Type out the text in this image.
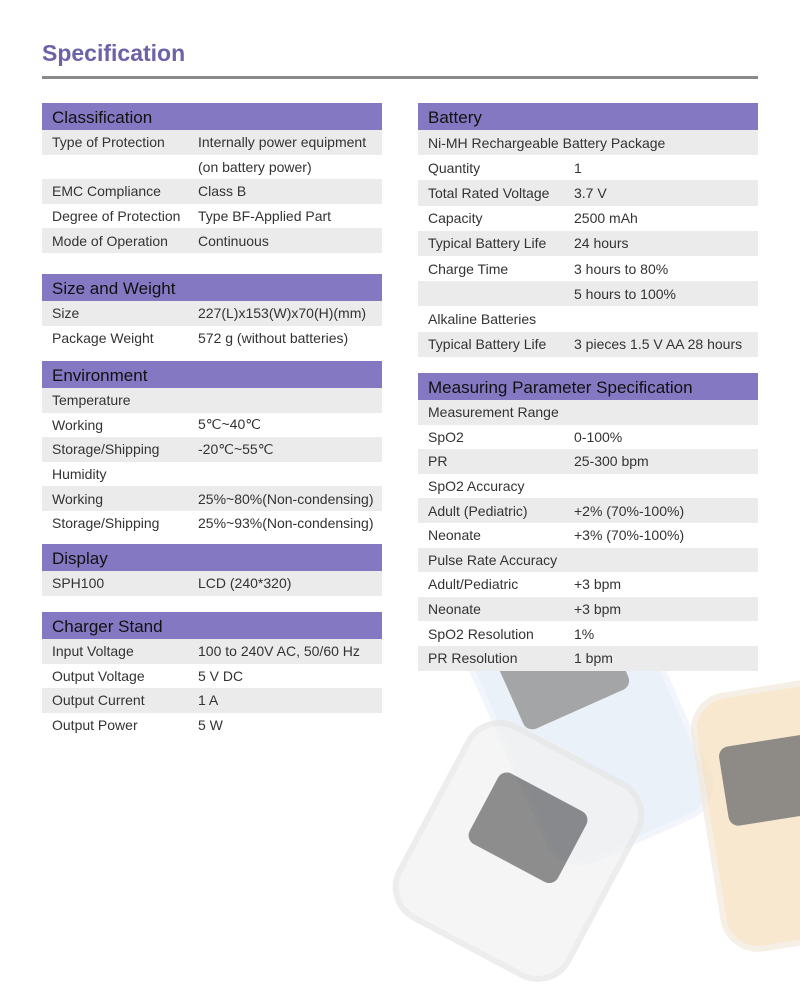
Specification
Classification
Type of Protection	Internally power equipment
(on battery power)
EMC Compliance	Class B
Degree of Protection	Type BF-Applied Part
Mode of Operation	Continuous
Size and Weight
Size	227(L)x153(W)x70(H)(mm)
Package Weight	572 g (without batteries)
Environment
Temperature
Working	5℃~40℃
Storage/Shipping	-20℃~55℃
Humidity
Working	25%~80%(Non-condensing)
Storage/Shipping	25%~93%(Non-condensing)
Display
SPH100	LCD (240*320)
Charger Stand
Input Voltage	100 to 240V AC, 50/60 Hz
Output Voltage	5 V DC
Output Current	1 A
Output Power	5 W
Battery
Ni-MH Rechargeable Battery Package
Quantity	1
Total Rated Voltage	3.7 V
Capacity	2500 mAh
Typical Battery Life	24 hours
Charge Time	3 hours to 80%
5 hours to 100%
Alkaline Batteries
Typical Battery Life	3 pieces 1.5 V AA 28 hours
Measuring Parameter Specification
Measurement Range
SpO2	0-100%
PR	25-300 bpm
SpO2 Accuracy
Adult (Pediatric)	+2% (70%-100%)
Neonate	+3% (70%-100%)
Pulse Rate Accuracy
Adult/Pediatric	+3 bpm
Neonate	+3 bpm
SpO2 Resolution	1%
PR Resolution	1 bpm
